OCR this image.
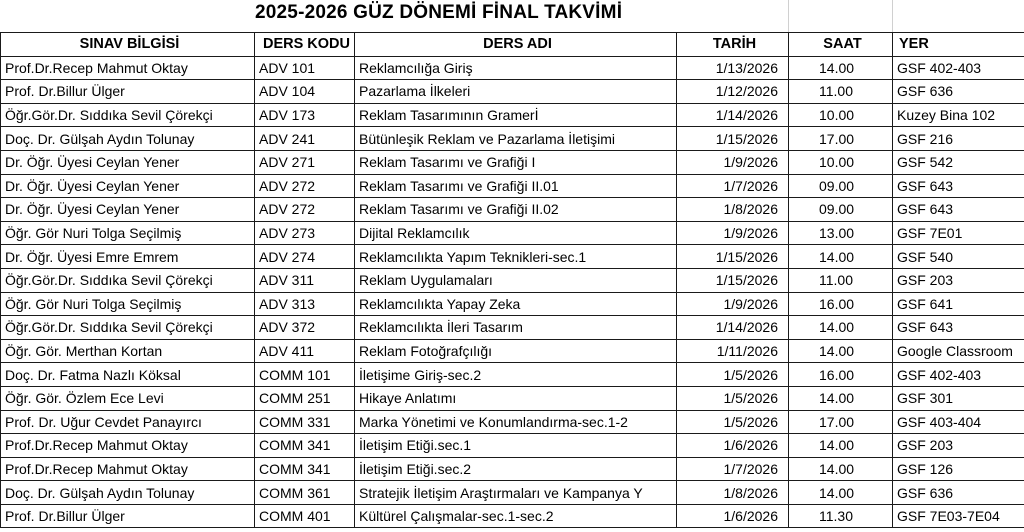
2025-2026 GÜZ DÖNEMİ FİNAL TAKVİMİ
SINAV BİLGİSİ	DERS KODU	DERS ADI	TARİH	SAAT	YER
Prof.Dr.Recep Mahmut Oktay	ADV 101	Reklamcılığa Giriş	1/13/2026	14.00	GSF 402-403
Prof. Dr.Billur Ülger	ADV 104	Pazarlama İlkeleri	1/12/2026	11.00	GSF 636
Öğr.Gör.Dr. Sıddıka Sevil Çörekçi	ADV 173	Reklam Tasarımının Gramerİ	1/14/2026	10.00	Kuzey Bina 102
Doç. Dr. Gülşah Aydın Tolunay	ADV 241	Bütünleşik Reklam ve Pazarlama İletişimi	1/15/2026	17.00	GSF 216
Dr. Öğr. Üyesi Ceylan Yener	ADV 271	Reklam Tasarımı ve Grafiği I	1/9/2026	10.00	GSF 542
Dr. Öğr. Üyesi Ceylan Yener	ADV 272	Reklam Tasarımı ve Grafiği II.01	1/7/2026	09.00	GSF 643
Dr. Öğr. Üyesi Ceylan Yener	ADV 272	Reklam Tasarımı ve Grafiği II.02	1/8/2026	09.00	GSF 643
Öğr. Gör Nuri Tolga Seçilmiş	ADV 273	Dijital Reklamcılık	1/9/2026	13.00	GSF 7E01
Dr. Öğr. Üyesi Emre Emrem	ADV 274	Reklamcılıkta Yapım Teknikleri-sec.1	1/15/2026	14.00	GSF 540
Öğr.Gör.Dr. Sıddıka Sevil Çörekçi	ADV 311	Reklam Uygulamaları	1/15/2026	11.00	GSF 203
Öğr. Gör Nuri Tolga Seçilmiş	ADV 313	Reklamcılıkta Yapay Zeka	1/9/2026	16.00	GSF 641
Öğr.Gör.Dr. Sıddıka Sevil Çörekçi	ADV 372	Reklamcılıkta İleri Tasarım	1/14/2026	14.00	GSF 643
Öğr. Gör. Merthan Kortan	ADV 411	Reklam Fotoğrafçılığı	1/11/2026	14.00	Google Classroom
Doç. Dr. Fatma Nazlı Köksal	COMM 101	İletişime Giriş-sec.2	1/5/2026	16.00	GSF 402-403
Öğr. Gör. Özlem Ece Levi	COMM 251	Hikaye Anlatımı	1/5/2026	14.00	GSF 301
Prof. Dr. Uğur Cevdet Panayırcı	COMM 331	Marka Yönetimi ve Konumlandırma-sec.1-2	1/5/2026	17.00	GSF 403-404
Prof.Dr.Recep Mahmut Oktay	COMM 341	İletişim Etiği.sec.1	1/6/2026	14.00	GSF 203
Prof.Dr.Recep Mahmut Oktay	COMM 341	İletişim Etiği.sec.2	1/7/2026	14.00	GSF 126
Doç. Dr. Gülşah Aydın Tolunay	COMM 361	Stratejik İletişim Araştırmaları ve Kampanya Y	1/8/2026	14.00	GSF 636
Prof. Dr.Billur Ülger	COMM 401	Kültürel Çalışmalar-sec.1-sec.2	1/6/2026	11.30	GSF 7E03-7E04
